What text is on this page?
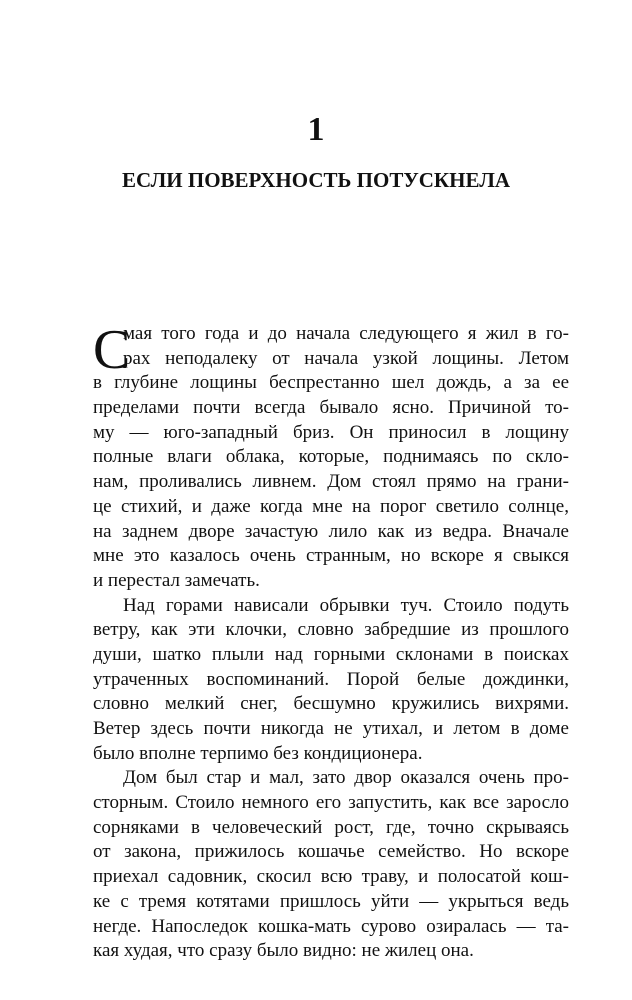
1
ЕСЛИ ПОВЕРХНОСТЬ ПОТУСКНЕЛА
С
мая того года и до начала следующего я жил в го-
рах неподалеку от начала узкой лощины. Летом
в глубине лощины беспрестанно шел дождь, а за ее
пределами почти всегда бывало ясно. Причиной то-
му — юго-западный бриз. Он приносил в лощину
полные влаги облака, которые, поднимаясь по скло-
нам, проливались ливнем. Дом стоял прямо на грани-
це стихий, и даже когда мне на порог светило солнце,
на заднем дворе зачастую лило как из ведра. Вначале
мне это казалось очень странным, но вскоре я свыкся
и перестал замечать.
Над горами нависали обрывки туч. Стоило подуть
ветру, как эти клочки, словно забредшие из прошлого
души, шатко плыли над горными склонами в поисках
утраченных воспоминаний. Порой белые дождинки,
словно мелкий снег, бесшумно кружились вихрями.
Ветер здесь почти никогда не утихал, и летом в доме
было вполне терпимо без кондиционера.
Дом был стар и мал, зато двор оказался очень про-
сторным. Стоило немного его запустить, как все заросло
сорняками в человеческий рост, где, точно скрываясь
от закона, прижилось кошачье семейство. Но вскоре
приехал садовник, скосил всю траву, и полосатой кош-
ке с тремя котятами пришлось уйти — укрыться ведь
негде. Напоследок кошка-мать сурово озиралась — та-
кая худая, что сразу было видно: не жилец она.
